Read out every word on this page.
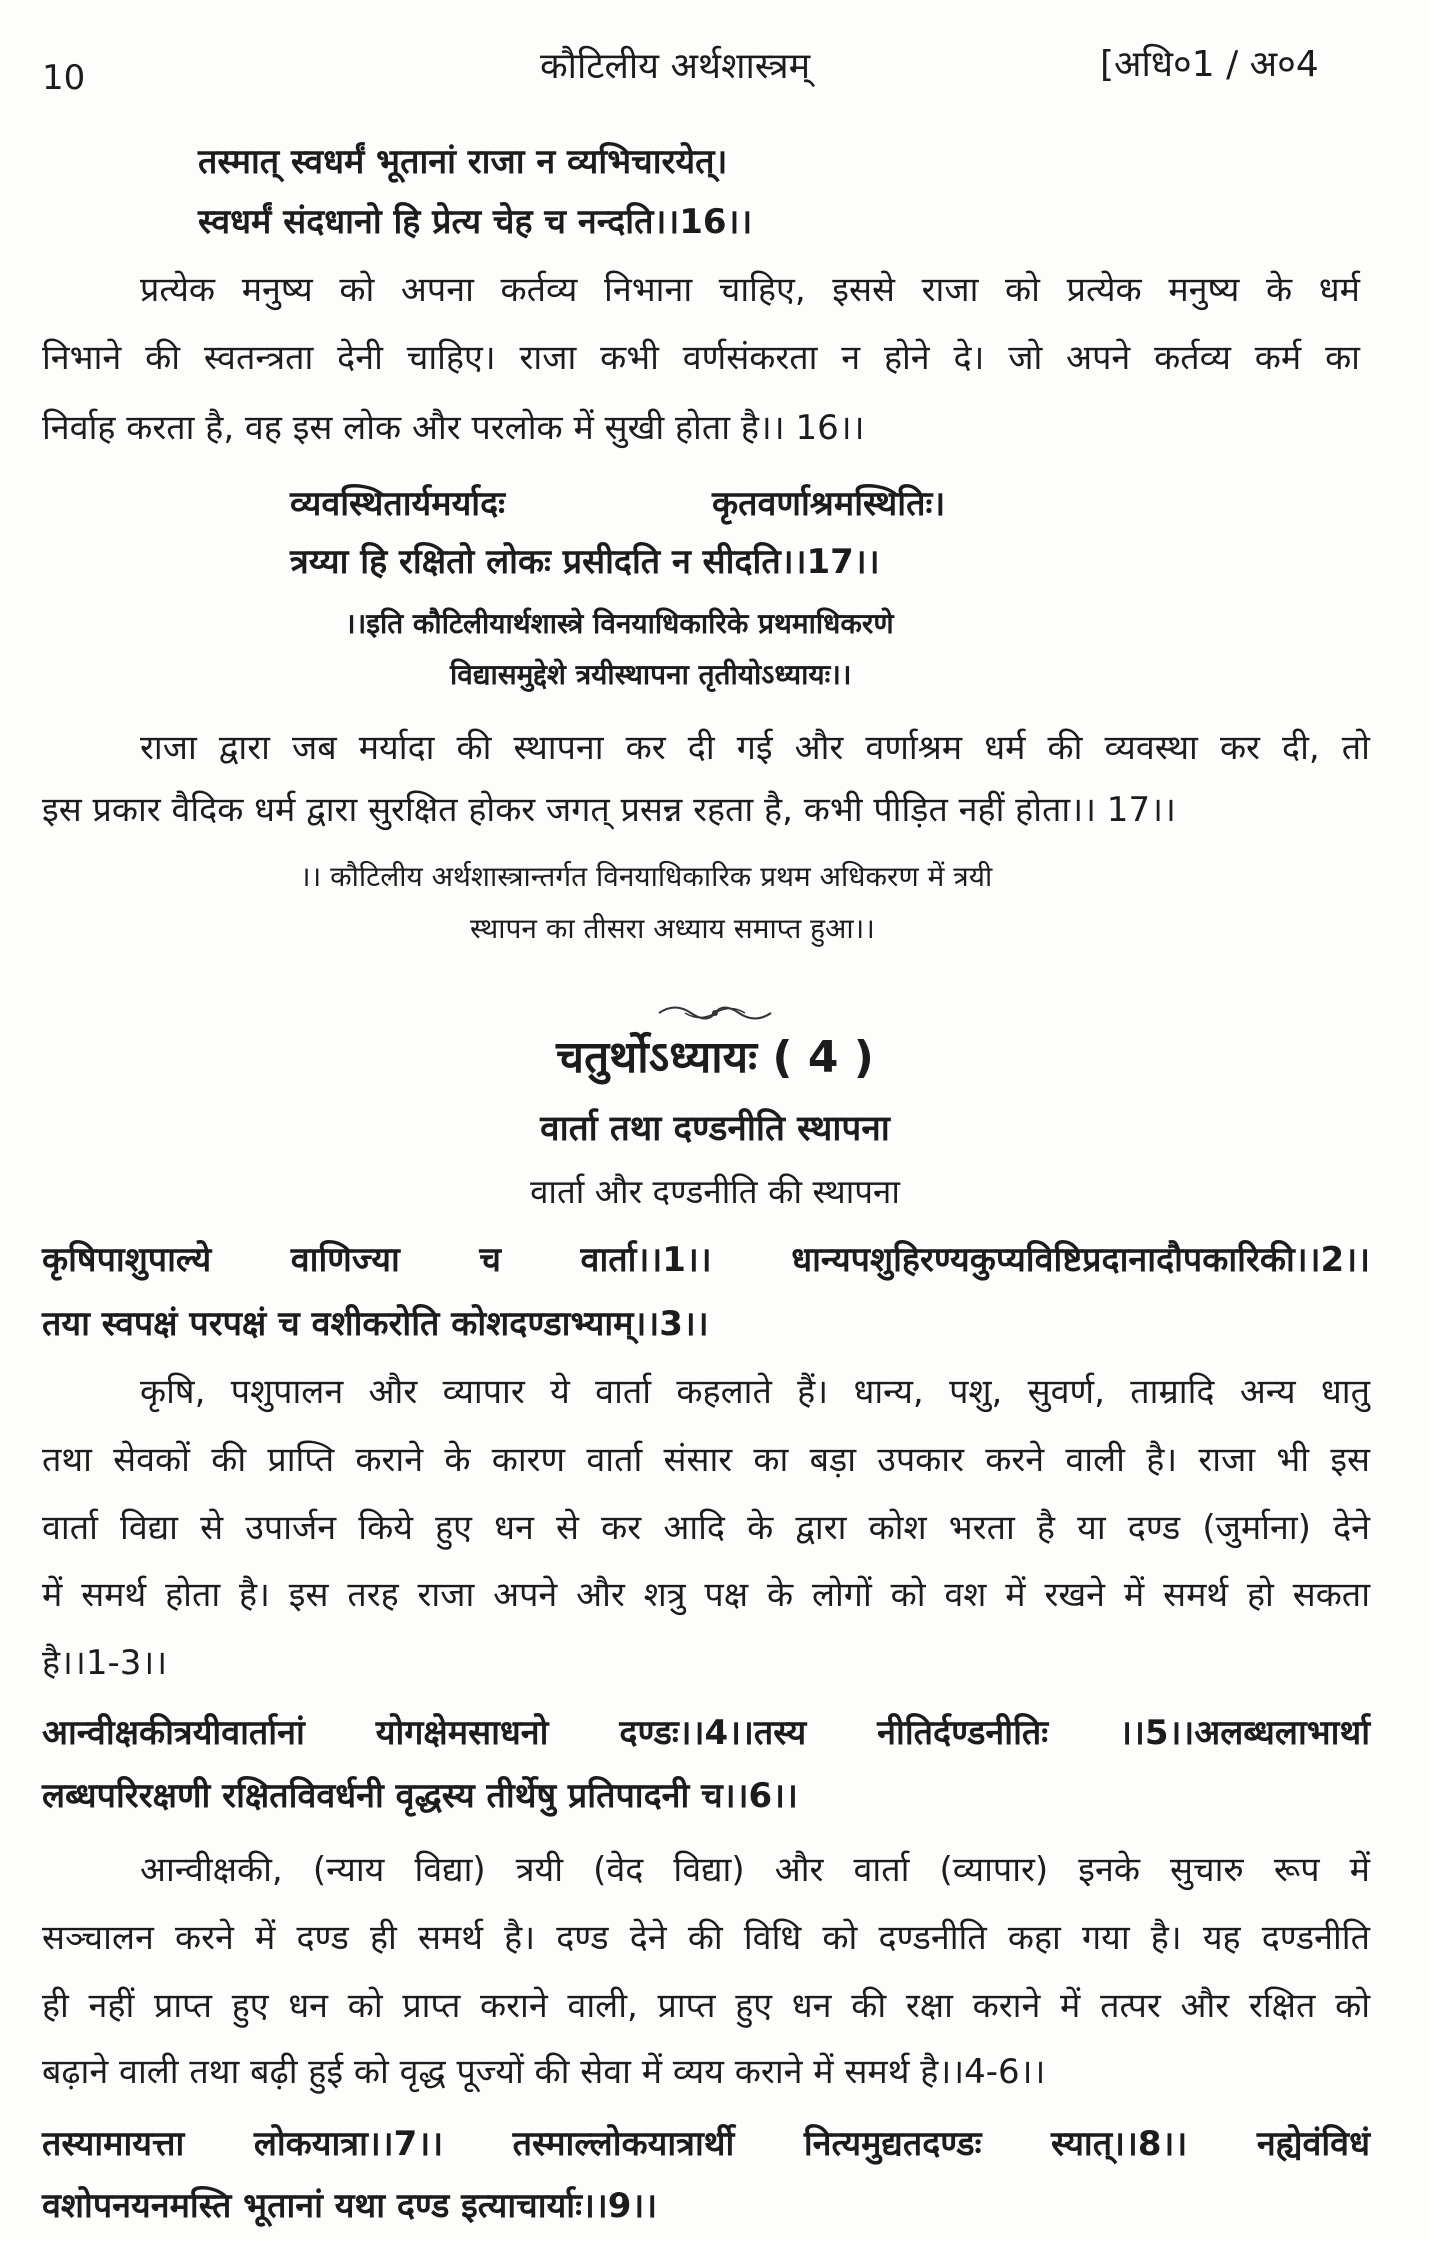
10	कौटिलीय अर्थशास्त्रम्	[अधि०1 / अ०4
तस्मात् स्वधर्मं भूतानां राजा न व्यभिचारयेत्।
स्वधर्मं संदधानो हि प्रेत्य चेह च नन्दति।।16।।
प्रत्येक मनुष्य को अपना कर्तव्य निभाना चाहिए, इससे राजा को प्रत्येक मनुष्य के धर्म
निभाने की स्वतन्त्रता देनी चाहिए। राजा कभी वर्णसंकरता न होने दे। जो अपने कर्तव्य कर्म का
निर्वाह करता है, वह इस लोक और परलोक में सुखी होता है।। 16।।
व्यवस्थितार्यमर्यादः	कृतवर्णाश्रमस्थितिः।
त्रय्या हि रक्षितो लोकः प्रसीदति न सीदति।।17।।
।।इति कौटिलीयार्थशास्त्रे विनयाधिकारिके प्रथमाधिकरणे
विद्यासमुद्देशे त्रयीस्थापना तृतीयोऽध्यायः।।
राजा द्वारा जब मर्यादा की स्थापना कर दी गई और वर्णाश्रम धर्म की व्यवस्था कर दी, तो
इस प्रकार वैदिक धर्म द्वारा सुरक्षित होकर जगत् प्रसन्न रहता है, कभी पीड़ित नहीं होता।। 17।।
।। कौटिलीय अर्थशास्त्रान्तर्गत विनयाधिकारिक प्रथम अधिकरण में त्रयी
स्थापन का तीसरा अध्याय समाप्त हुआ।।
चतुर्थोऽध्यायः ( 4 )
वार्ता तथा दण्डनीति स्थापना
वार्ता और दण्डनीति की स्थापना
कृषिपाशुपाल्ये वाणिज्या च वार्ता।।1।। धान्यपशुहिरण्यकुप्यविष्टिप्रदानादौपकारिकी।।2।।
तया स्वपक्षं परपक्षं च वशीकरोति कोशदण्डाभ्याम्।।3।।
कृषि, पशुपालन और व्यापार ये वार्ता कहलाते हैं। धान्य, पशु, सुवर्ण, ताम्रादि अन्य धातु
तथा सेवकों की प्राप्ति कराने के कारण वार्ता संसार का बड़ा उपकार करने वाली है। राजा भी इस
वार्ता विद्या से उपार्जन किये हुए धन से कर आदि के द्वारा कोश भरता है या दण्ड (जुर्माना) देने
में समर्थ होता है। इस तरह राजा अपने और शत्रु पक्ष के लोगों को वश में रखने में समर्थ हो सकता
है।।1-3।।
आन्वीक्षकीत्रयीवार्तानां योगक्षेमसाधनो दण्डः।।4।।तस्य नीतिर्दण्डनीतिः ।।5।।अलब्धलाभार्था
लब्धपरिरक्षणी रक्षितविवर्धनी वृद्धस्य तीर्थेषु प्रतिपादनी च।।6।।
आन्वीक्षकी, (न्याय विद्या) त्रयी (वेद विद्या) और वार्ता (व्यापार) इनके सुचारु रूप में
सञ्चालन करने में दण्ड ही समर्थ है। दण्ड देने की विधि को दण्डनीति कहा गया है। यह दण्डनीति
ही नहीं प्राप्त हुए धन को प्राप्त कराने वाली, प्राप्त हुए धन की रक्षा कराने में तत्पर और रक्षित को
बढ़ाने वाली तथा बढ़ी हुई को वृद्ध पूज्यों की सेवा में व्यय कराने में समर्थ है।।4-6।।
तस्यामायत्ता लोकयात्रा।।7।। तस्माल्लोकयात्रार्थी नित्यमुद्यतदण्डः स्यात्।।8।। नह्येवंविधं
वशोपनयनमस्ति भूतानां यथा दण्ड इत्याचार्याः।।9।।
